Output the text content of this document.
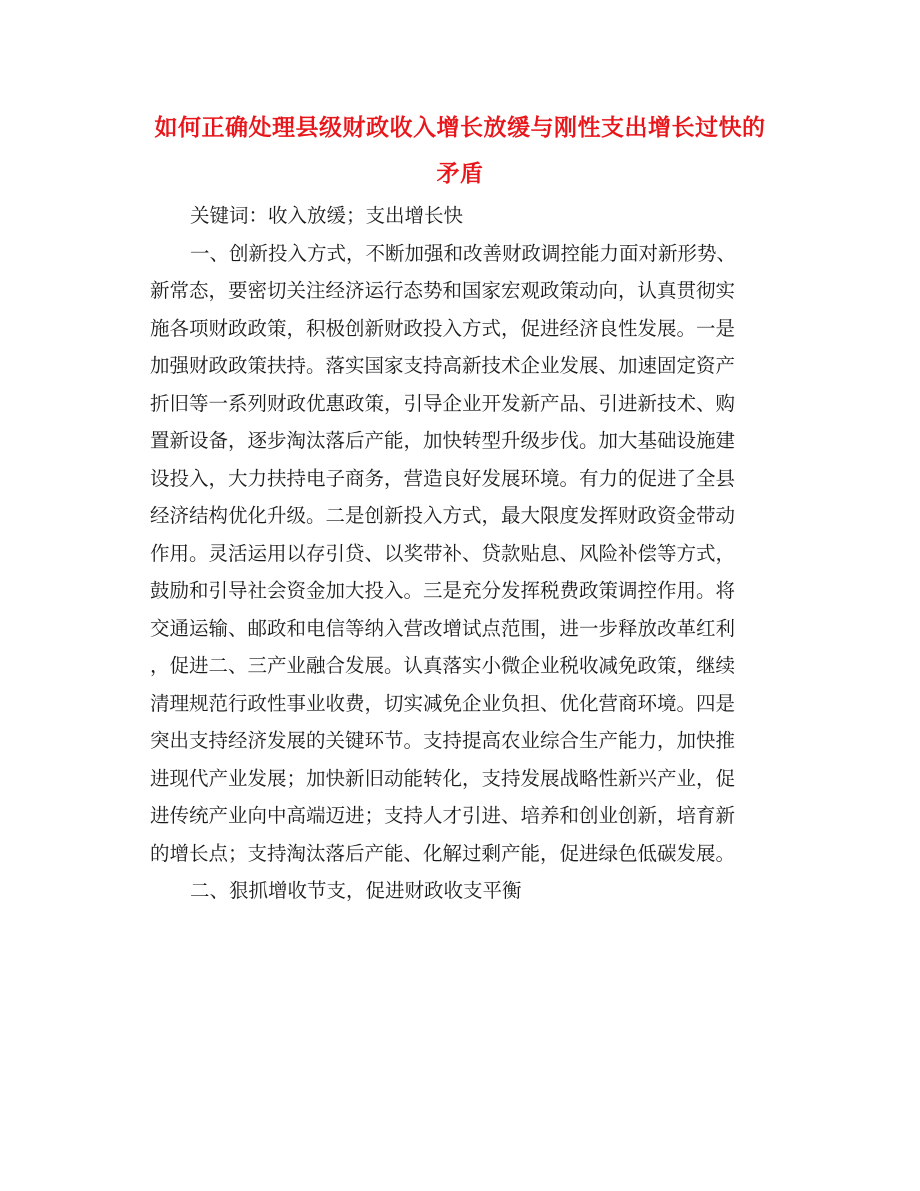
如何正确处理县级财政收入增长放缓与刚性支出增长过快的
矛盾
关键词：收入放缓；支出增长快
一、创新投入方式，不断加强和改善财政调控能力面对新形势、
新常态，要密切关注经济运行态势和国家宏观政策动向，认真贯彻实
施各项财政政策，积极创新财政投入方式，促进经济良性发展。一是
加强财政政策扶持。落实国家支持高新技术企业发展、加速固定资产
折旧等一系列财政优惠政策，引导企业开发新产品、引进新技术、购
置新设备，逐步淘汰落后产能，加快转型升级步伐。加大基础设施建
设投入，大力扶持电子商务，营造良好发展环境。有力的促进了全县
经济结构优化升级。二是创新投入方式，最大限度发挥财政资金带动
作用。灵活运用以存引贷、以奖带补、贷款贴息、风险补偿等方式，
鼓励和引导社会资金加大投入。三是充分发挥税费政策调控作用。将
交通运输、邮政和电信等纳入营改增试点范围，进一步释放改革红利
，促进二、三产业融合发展。认真落实小微企业税收减免政策，继续
清理规范行政性事业收费，切实减免企业负担、优化营商环境。四是
突出支持经济发展的关键环节。支持提高农业综合生产能力，加快推
进现代产业发展；加快新旧动能转化，支持发展战略性新兴产业，促
进传统产业向中高端迈进；支持人才引进、培养和创业创新，培育新
的增长点；支持淘汰落后产能、化解过剩产能，促进绿色低碳发展。
二、狠抓增收节支，促进财政收支平衡
